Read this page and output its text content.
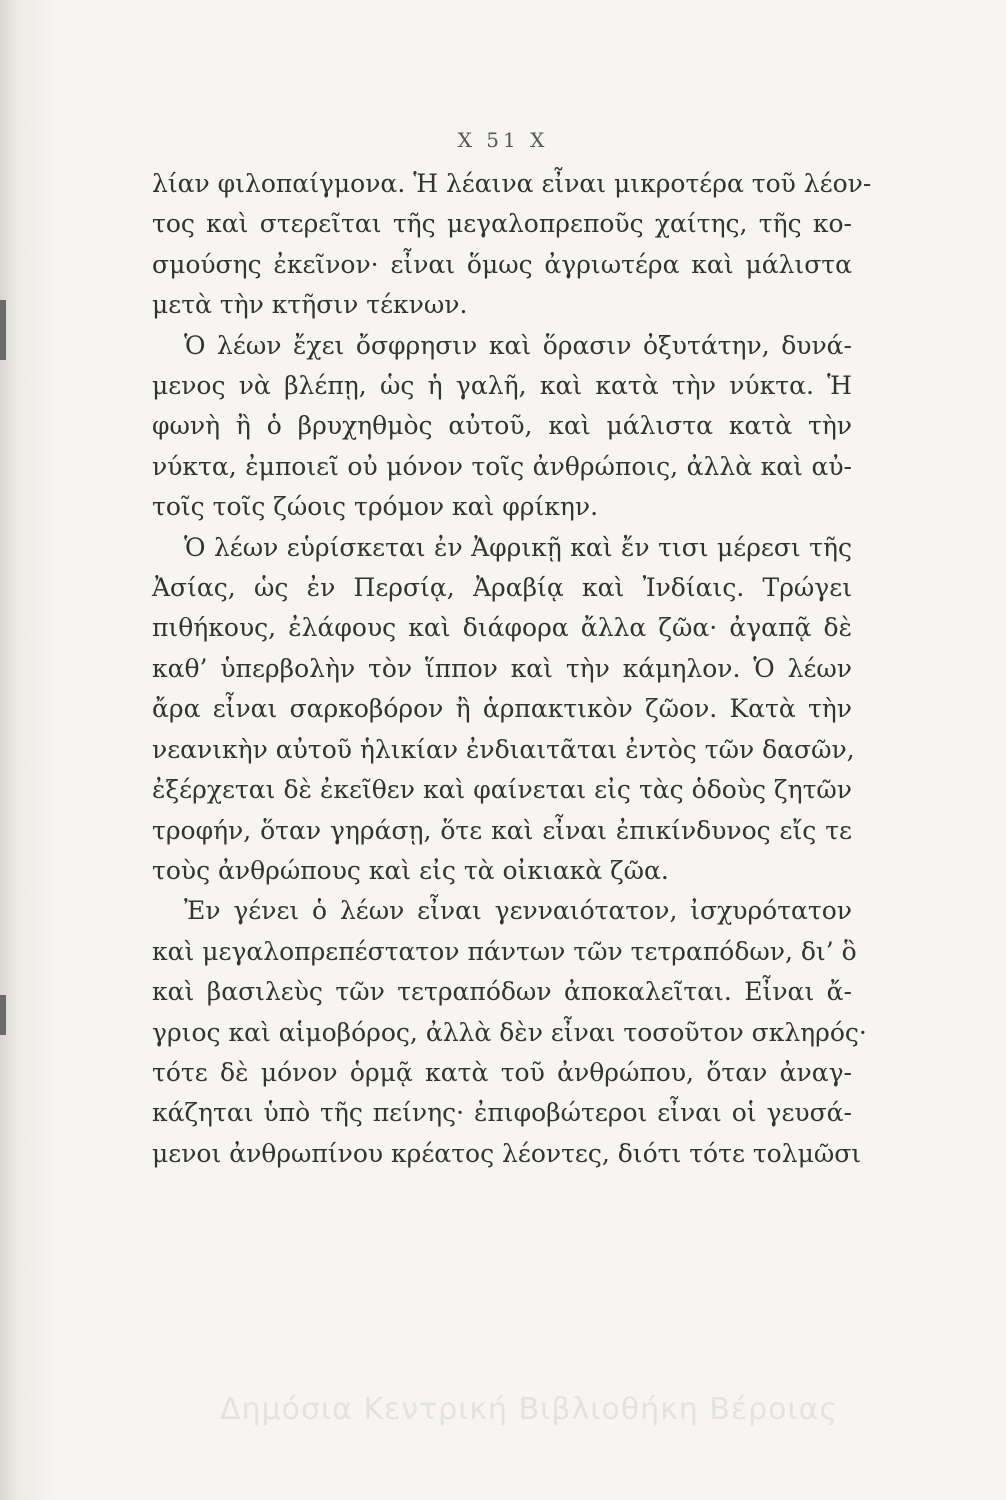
Χ 51 Χ
λίαν φιλοπαίγμονα. Ἡ λέαινα εἶναι μικροτέρα τοῦ λέον-
τος καὶ στερεῖται τῆς μεγαλοπρεποῦς χαίτης, τῆς κο-
σμούσης ἐκεῖνον· εἶναι ὅμως ἀγριωτέρα καὶ μάλιστα
μετὰ τὴν κτῆσιν τέκνων.
Ὁ λέων ἔχει ὄσφρησιν καὶ ὅρασιν ὀξυτάτην, δυνά-
μενος νὰ βλέπῃ, ὡς ἡ γαλῆ, καὶ κατὰ τὴν νύκτα. Ἡ
φωνὴ ἢ ὁ βρυχηθμὸς αὐτοῦ, καὶ μάλιστα κατὰ τὴν
νύκτα, ἐμποιεῖ οὐ μόνον τοῖς ἀνθρώποις, ἀλλὰ καὶ αὐ-
τοῖς τοῖς ζώοις τρόμον καὶ φρίκην.
Ὁ λέων εὑρίσκεται ἐν Ἀφρικῇ καὶ ἔν τισι μέρεσι τῆς
Ἀσίας, ὡς ἐν Περσίᾳ, Ἀραβίᾳ καὶ Ἰνδίαις. Τρώγει
πιθήκους, ἐλάφους καὶ διάφορα ἄλλα ζῶα· ἀγαπᾷ δὲ
καθ’ ὑπερβολὴν τὸν ἵππον καὶ τὴν κάμηλον. Ὁ λέων
ἄρα εἶναι σαρκοβόρον ἢ ἁρπακτικὸν ζῶον. Κατὰ τὴν
νεανικὴν αὐτοῦ ἡλικίαν ἐνδιαιτᾶται ἐντὸς τῶν δασῶν,
ἐξέρχεται δὲ ἐκεῖθεν καὶ φαίνεται εἰς τὰς ὁδοὺς ζητῶν
τροφήν, ὅταν γηράσῃ, ὅτε καὶ εἶναι ἐπικίνδυνος εἴς τε
τοὺς ἀνθρώπους καὶ εἰς τὰ οἰκιακὰ ζῶα.
Ἐν γένει ὁ λέων εἶναι γενναιότατον, ἰσχυρότατον
καὶ μεγαλοπρεπέστατον πάντων τῶν τετραπόδων, δι’ ὃ
καὶ βασιλεὺς τῶν τετραπόδων ἀποκαλεῖται. Εἶναι ἄ-
γριος καὶ αἱμοβόρος, ἀλλὰ δὲν εἶναι τοσοῦτον σκληρός·
τότε δὲ μόνον ὁρμᾷ κατὰ τοῦ ἀνθρώπου, ὅταν ἀναγ-
κάζηται ὑπὸ τῆς πείνης· ἐπιφοβώτεροι εἶναι οἱ γευσά-
μενοι ἀνθρωπίνου κρέατος λέοντες, διότι τότε τολμῶσι
Δημόσια Κεντρική Βιβλιοθήκη Βέροιας
